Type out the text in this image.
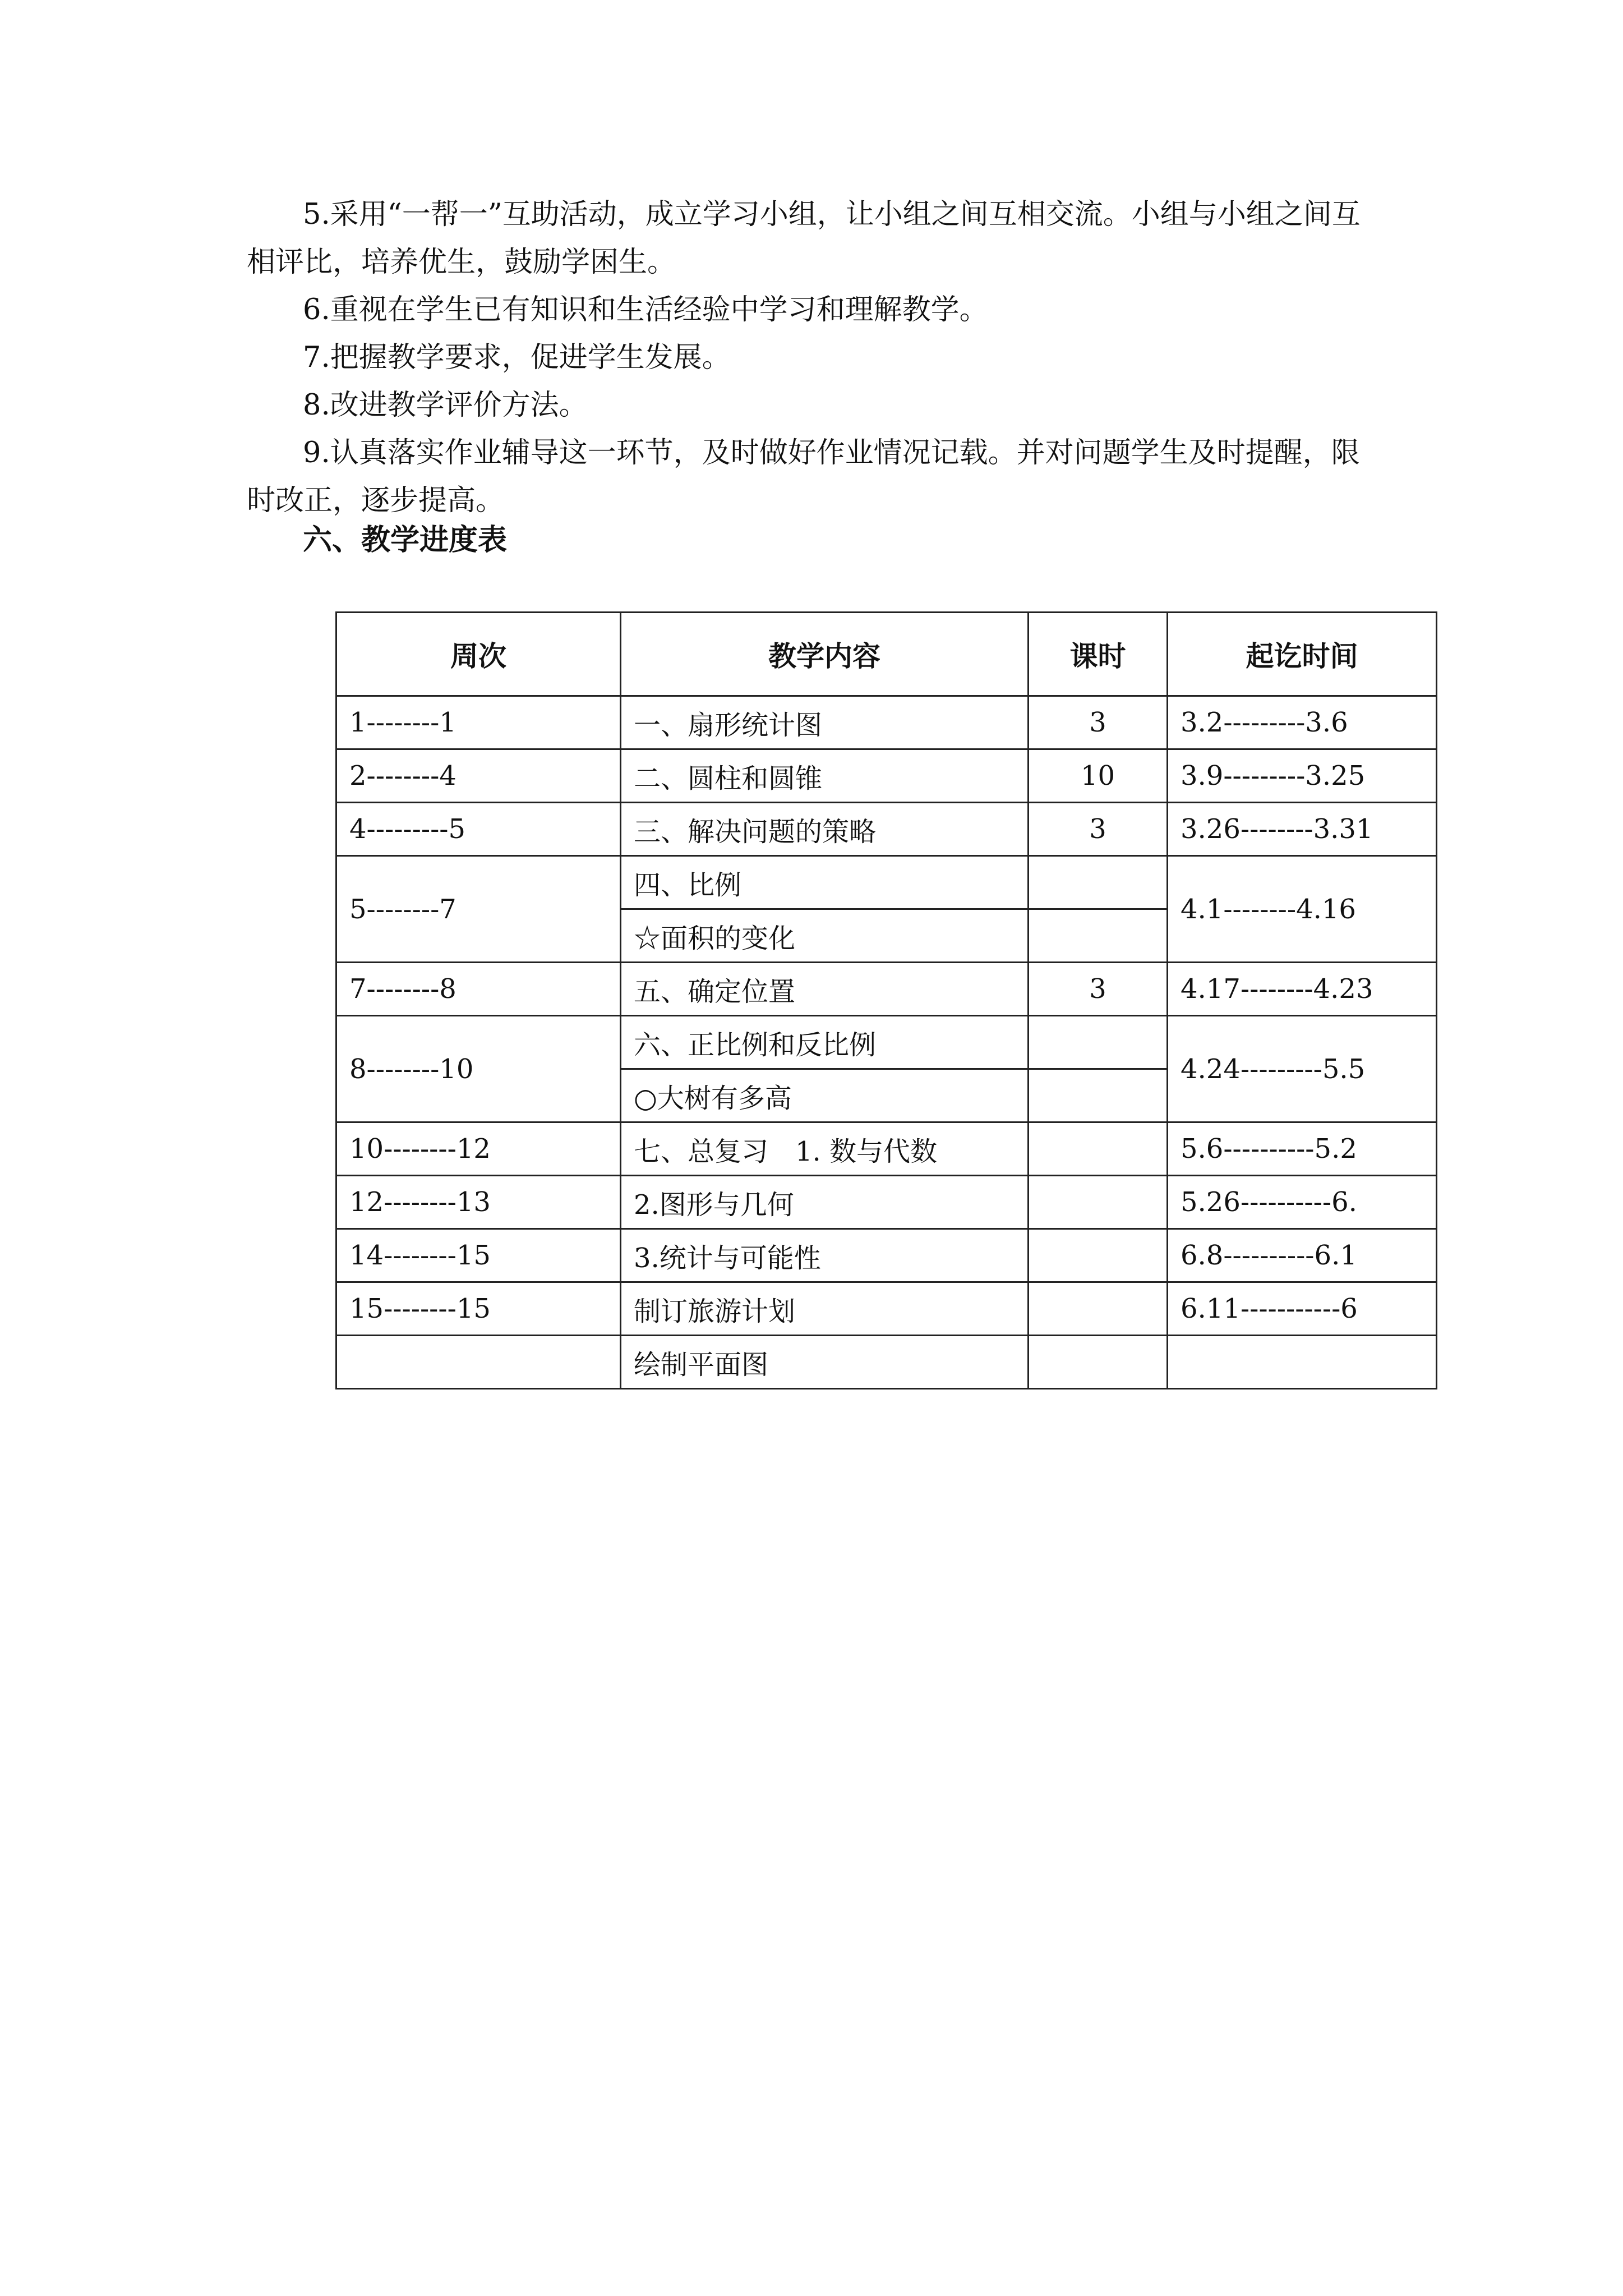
5.采用“一帮一”互助活动，成立学习小组，让小组之间互相交流。小组与小组之间互相评比，培养优生，鼓励学困生。

6.重视在学生已有知识和生活经验中学习和理解教学。

7.把握教学要求，促进学生发展。

8.改进教学评价方法。

9.认真落实作业辅导这一环节，及时做好作业情况记载。并对问题学生及时提醒，限时改正，逐步提高。

六、教学进度表
周次	教学内容	课时	起讫时间
1--------1	一、扇形统计图	3	3.2---------3.6
2--------4	二、圆柱和圆锥	10	3.9---------3.25
4---------5	三、解决问题的策略	3	3.26--------3.31
5--------7	四、比例		4.1--------4.16
	☆面积的变化		
7--------8	五、确定位置	3	4.17--------4.23
8--------10	六、正比例和反比例		4.24---------5.5
	○大树有多高		
10--------12	七、总复习　1. 数与代数		5.6----------5.2
12--------13	2.图形与几何		5.26----------6.
14--------15	3.统计与可能性		6.8----------6.1
15--------15	制订旅游计划		6.11-----------6
	绘制平面图		
